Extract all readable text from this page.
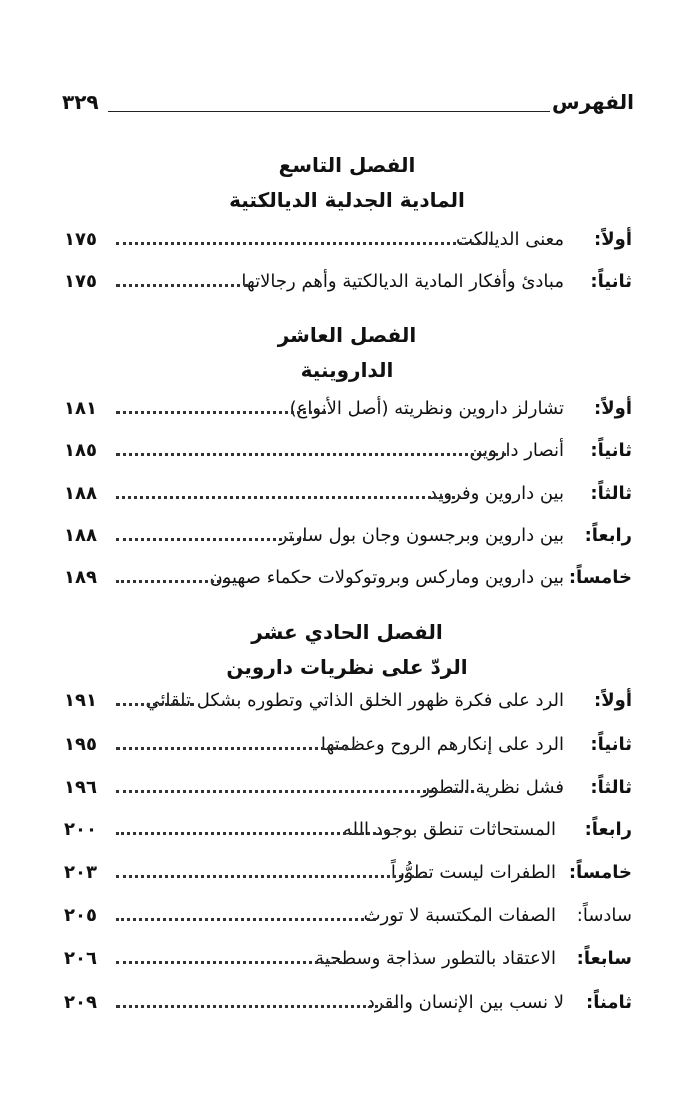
الفهرس
٣٢٩
الفصل التاسع
المادية الجدلية الديالكتية
أولاً:
معنى الديالكت
١٧٥
ثانياً:
مبادئ وأفكار المادية الديالكتية وأهم رجالاتها
١٧٥
الفصل العاشر
الداروينية
أولاً:
تشارلز داروين ونظريته (أصل الأنواع)
١٨١
ثانياً:
أنصار داروين
١٨٥
ثالثاً:
بين داروين وفرويد
١٨٨
رابعاً:
بين داروين وبرجسون وجان بول سارتر
١٨٨
خامساً:
بين داروين وماركس وبروتوكولات حكماء صهيون
١٨٩
الفصل الحادي عشر
الردّ على نظريات داروين
أولاً:
الرد على فكرة ظهور الخلق الذاتي وتطوره بشكل تلقائي
١٩١
ثانياً:
الرد على إنكارهم الروح وعظمتها
١٩٥
ثالثاً:
فشل نظرية التطور
١٩٦
رابعاً:
المستحاثات تنطق بوجود الله
٢٠٠
خامساً:
الطفرات ليست تطوُّراً
٢٠٣
سادساً:
الصفات المكتسبة لا تورث
٢٠٥
سابعاً:
الاعتقاد بالتطور سذاجة وسطحية
٢٠٦
ثامناً:
لا نسب بين الإنسان والقرد
٢٠٩
